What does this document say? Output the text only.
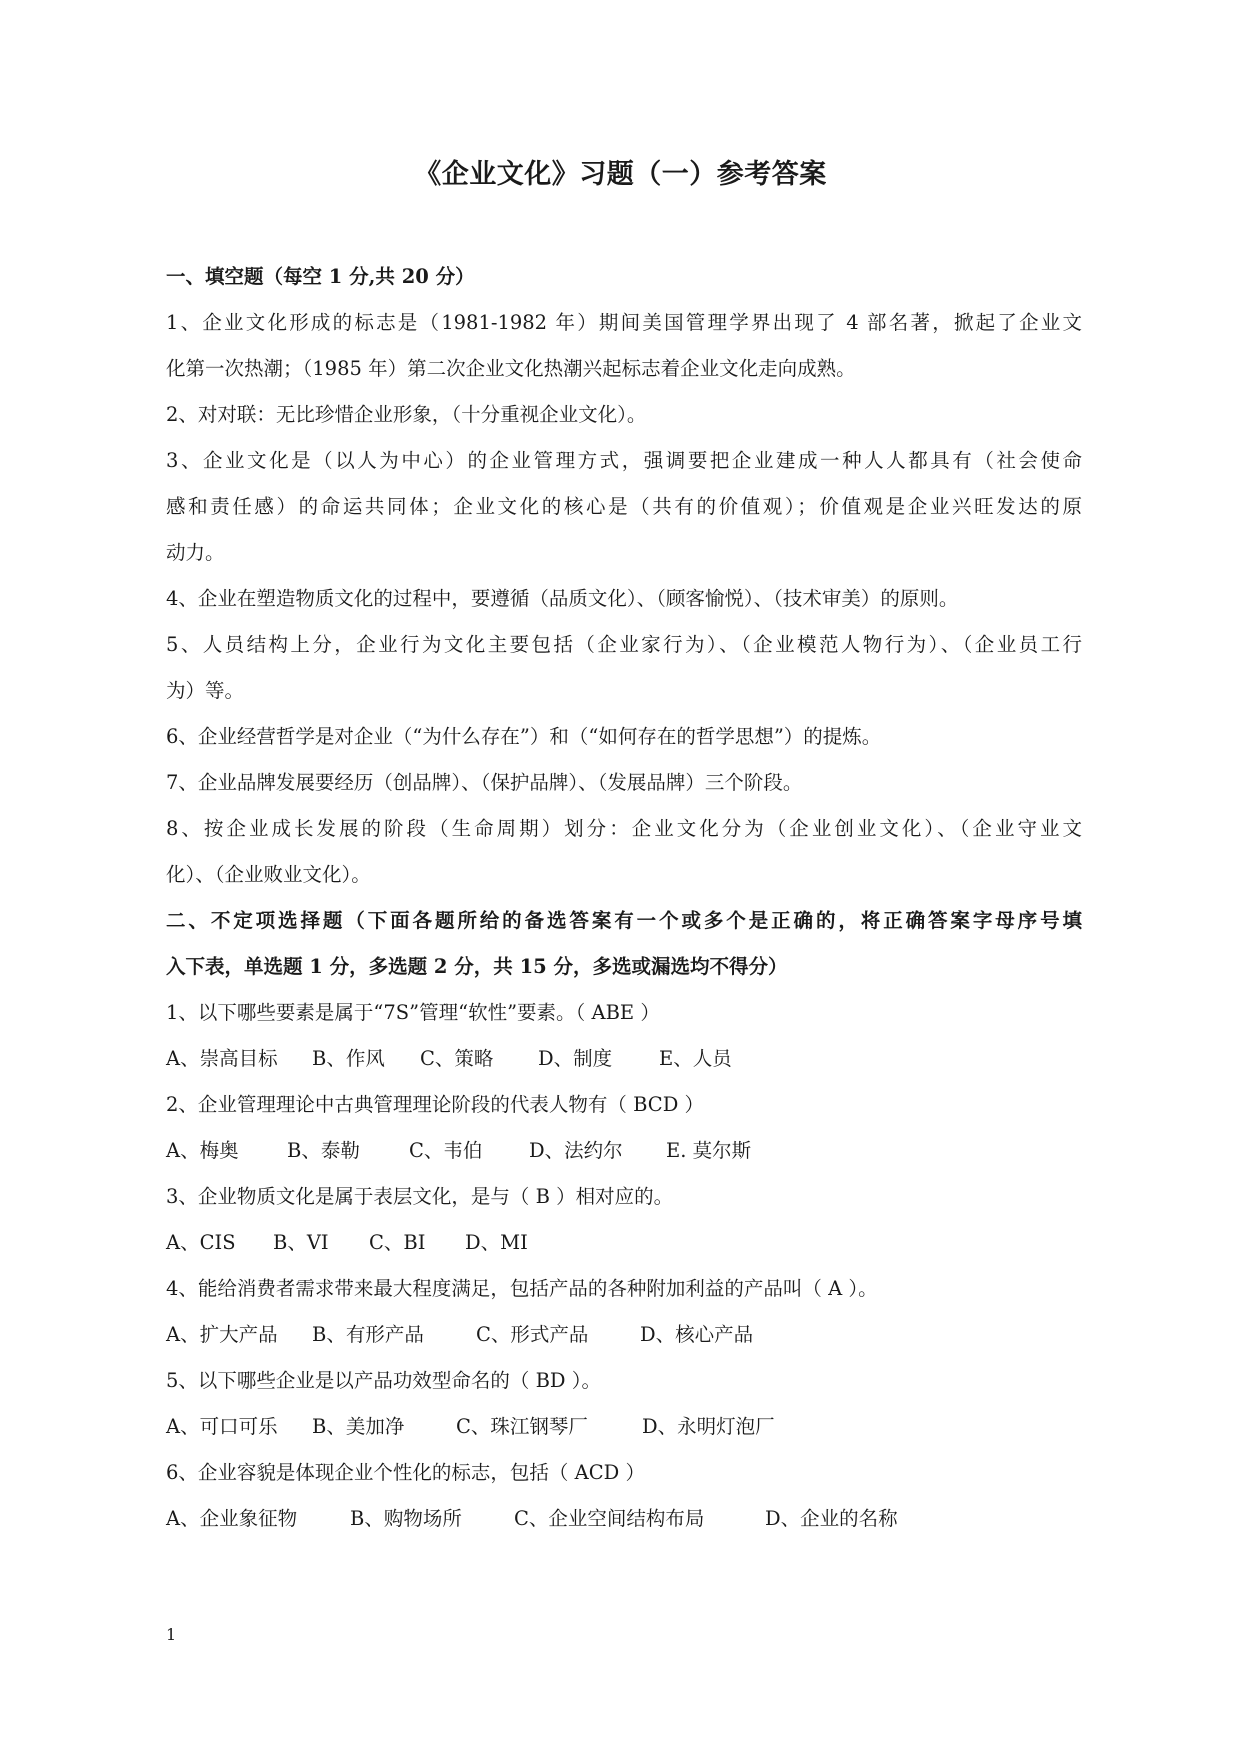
《企业文化》习题（一）参考答案
一、填空题（每空 1 分,共 20 分）
1、企业文化形成的标志是（1981-1982 年）期间美国管理学界出现了 4 部名著，掀起了企业文
化第一次热潮；（1985 年）第二次企业文化热潮兴起标志着企业文化走向成熟。
2、对对联：无比珍惜企业形象，（十分重视企业文化）。
3、企业文化是（以人为中心）的企业管理方式，强调要把企业建成一种人人都具有（社会使命
感和责任感）的命运共同体；企业文化的核心是（共有的价值观）；价值观是企业兴旺发达的原
动力。
4、企业在塑造物质文化的过程中，要遵循（品质文化）、（顾客愉悦）、（技术审美）的原则。
5、人员结构上分，企业行为文化主要包括（企业家行为）、（企业模范人物行为）、（企业员工行
为）等。
6、企业经营哲学是对企业（“为什么存在”）和（“如何存在的哲学思想”）的提炼。
7、企业品牌发展要经历（创品牌）、（保护品牌）、（发展品牌）三个阶段。
8、按企业成长发展的阶段（生命周期）划分：企业文化分为（企业创业文化）、（企业守业文
化）、（企业败业文化）。
二、不定项选择题（下面各题所给的备选答案有一个或多个是正确的，将正确答案字母序号填
入下表，单选题 1 分，多选题 2 分，共 15 分，多选或漏选均不得分）
1、以下哪些要素是属于“7S”管理“软性”要素。（ ABE ）
A、崇高目标	B、作风	C、策略	D、制度	E、人员
2、企业管理理论中古典管理理论阶段的代表人物有（ BCD ）
A、梅奥	B、泰勒	C、韦伯	D、法约尔	E. 莫尔斯
3、企业物质文化是属于表层文化，是与（ B ）相对应的。
A、CIS	B、VI	C、BI	D、MI
4、能给消费者需求带来最大程度满足，包括产品的各种附加利益的产品叫（ A ）。
A、扩大产品	B、有形产品	C、形式产品	D、核心产品
5、以下哪些企业是以产品功效型命名的（ BD ）。
A、可口可乐	B、美加净	C、珠江钢琴厂	D、永明灯泡厂
6、企业容貌是体现企业个性化的标志，包括（ ACD ）
A、企业象征物	B、购物场所	C、企业空间结构布局	D、企业的名称
1
